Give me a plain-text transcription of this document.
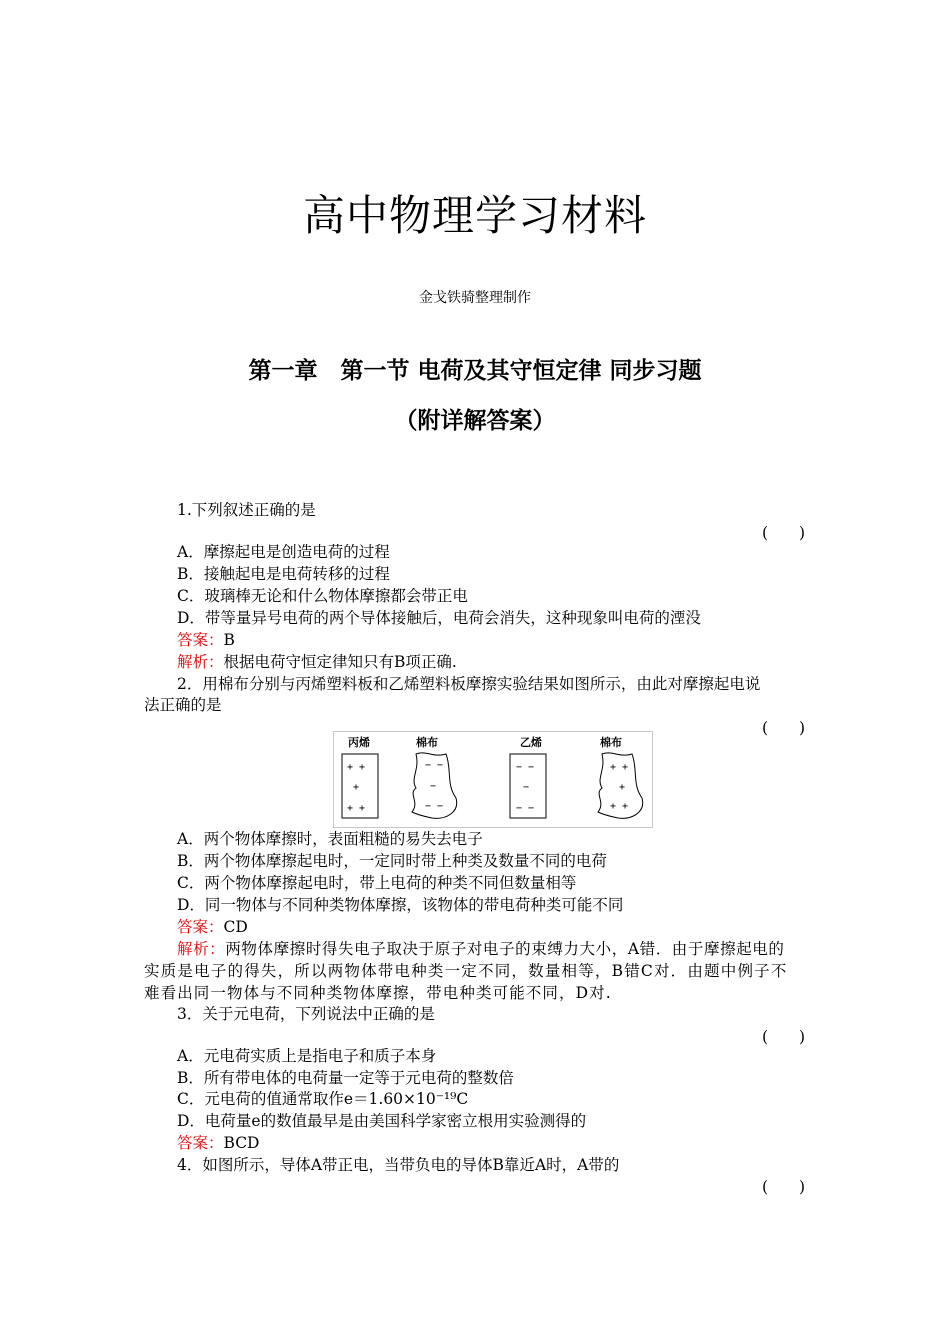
高中物理学习材料
金戈铁骑整理制作
第一章　第一节 电荷及其守恒定律 同步习题
（附详解答案）
1.下列叙述正确的是
(　　)
A．摩擦起电是创造电荷的过程
B．接触起电是电荷转移的过程
C．玻璃棒无论和什么物体摩擦都会带正电
D．带等量异号电荷的两个导体接触后，电荷会消失，这种现象叫电荷的湮没
答案：B
解析：根据电荷守恒定律知只有B项正确.
2．用棉布分别与丙烯塑料板和乙烯塑料板摩擦实验结果如图所示，由此对摩擦起电说
法正确的是
(　　)
丙烯	棉布	乙烯	棉布
+ +
+
+ +
− −
−
− −
− −
−
− −
+ +
+
+ +
A．两个物体摩擦时，表面粗糙的易失去电子
B．两个物体摩擦起电时，一定同时带上种类及数量不同的电荷
C．两个物体摩擦起电时，带上电荷的种类不同但数量相等
D．同一物体与不同种类物体摩擦，该物体的带电荷种类可能不同
答案：CD
解析：两物体摩擦时得失电子取决于原子对电子的束缚力大小，A错．由于摩擦起电的
实质是电子的得失，所以两物体带电种类一定不同，数量相等，B错C对．由题中例子不
难看出同一物体与不同种类物体摩擦，带电种类可能不同，D对.
3．关于元电荷，下列说法中正确的是
(　　)
A．元电荷实质上是指电子和质子本身
B．所有带电体的电荷量一定等于元电荷的整数倍
C．元电荷的值通常取作e＝1.60×10⁻¹⁹C
D．电荷量e的数值最早是由美国科学家密立根用实验测得的
答案：BCD
4．如图所示，导体A带正电，当带负电的导体B靠近A时，A带的
(　　)
